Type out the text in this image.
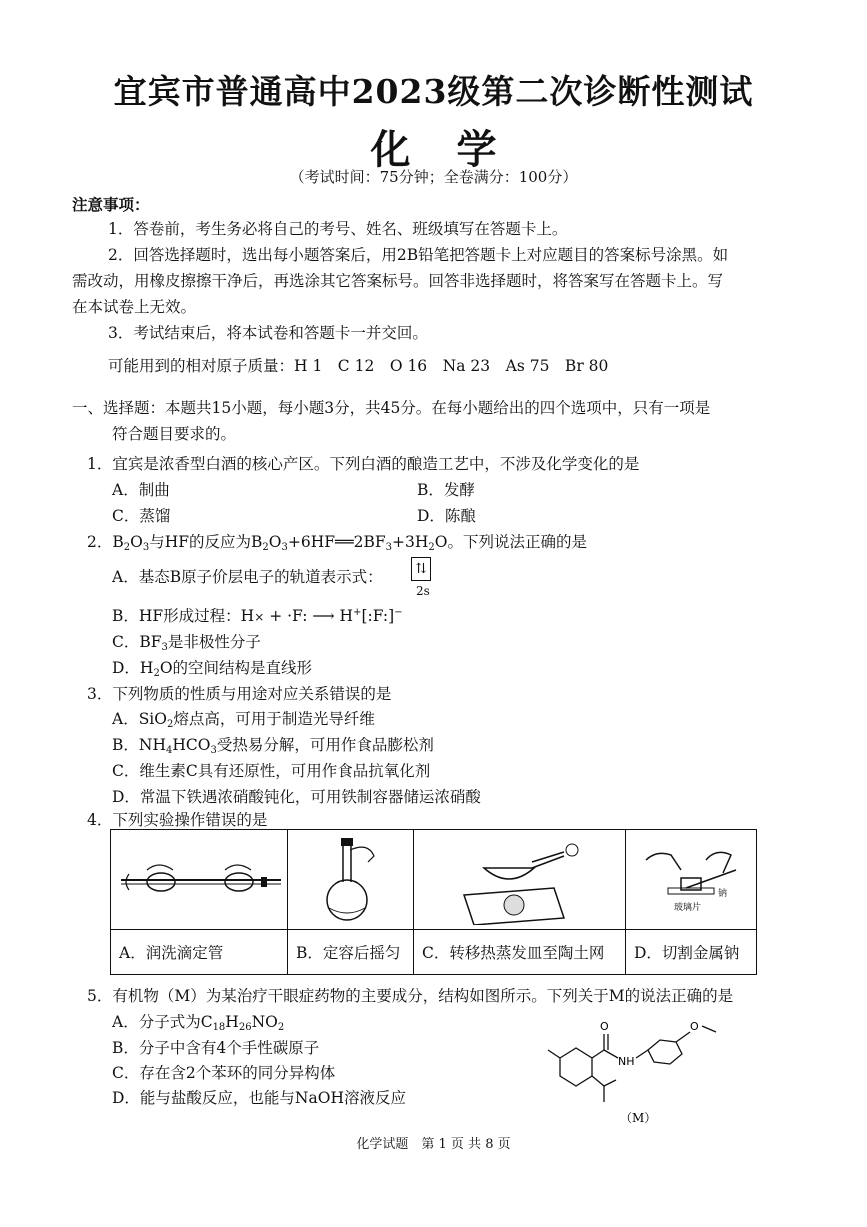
宜宾市普通高中2023级第二次诊断性测试
化学
（考试时间：75分钟；全卷满分：100分）
注意事项：
1．答卷前，考生务必将自己的考号、姓名、班级填写在答题卡上。
2．回答选择题时，选出每小题答案后，用2B铅笔把答题卡上对应题目的答案标号涂黑。如
需改动，用橡皮擦擦干净后，再选涂其它答案标号。回答非选择题时，将答案写在答题卡上。写
在本试卷上无效。
3．考试结束后，将本试卷和答题卡一并交回。
可能用到的相对原子质量：H 1　C 12　O 16　Na 23　As 75　Br 80
一、选择题：本题共15小题，每小题3分，共45分。在每小题给出的四个选项中，只有一项是
符合题目要求的。
1．宜宾是浓香型白酒的核心产区。下列白酒的酿造工艺中，不涉及化学变化的是
A．制曲	B．发酵
C．蒸馏	D．陈酿
2．$B_2O_3$与HF的反应为$B_2O_3+6HF══2BF_3+3H_2O$。下列说法正确的是
A．基态B原子价层电子的轨道表示式： ⇅
2s
B．HF形成过程：H× + ·F: ⟶ H+[:F:]−
C．$BF_3$是非极性分子
D．$H_2O$的空间结构是直线形
3．下列物质的性质与用途对应关系错误的是
A．SiO$_2$熔点高，可用于制造光导纤维
B．$NH_4HCO_3$受热易分解，可用作食品膨松剂
C．维生素C具有还原性，可用作食品抗氧化剂
D．常温下铁遇浓硝酸钝化，可用铁制容器储运浓硝酸
4．下列实验操作错误的是

钠
玻璃片

A．润洗滴定管	B．定容后摇匀	C．转移热蒸发皿至陶土网	D．切割金属钠
5．有机物（M）为某治疗干眼症药物的主要成分，结构如图所示。下列关于M的说法正确的是
A．分子式为$C_{18}H_{26}NO_2$
B．分子中含有4个手性碳原子
C．存在含2个苯环的同分异构体
D．能与盐酸反应，也能与NaOH溶液反应
O
NH
O
（M）
化学试题　第 1 页 共 8 页
